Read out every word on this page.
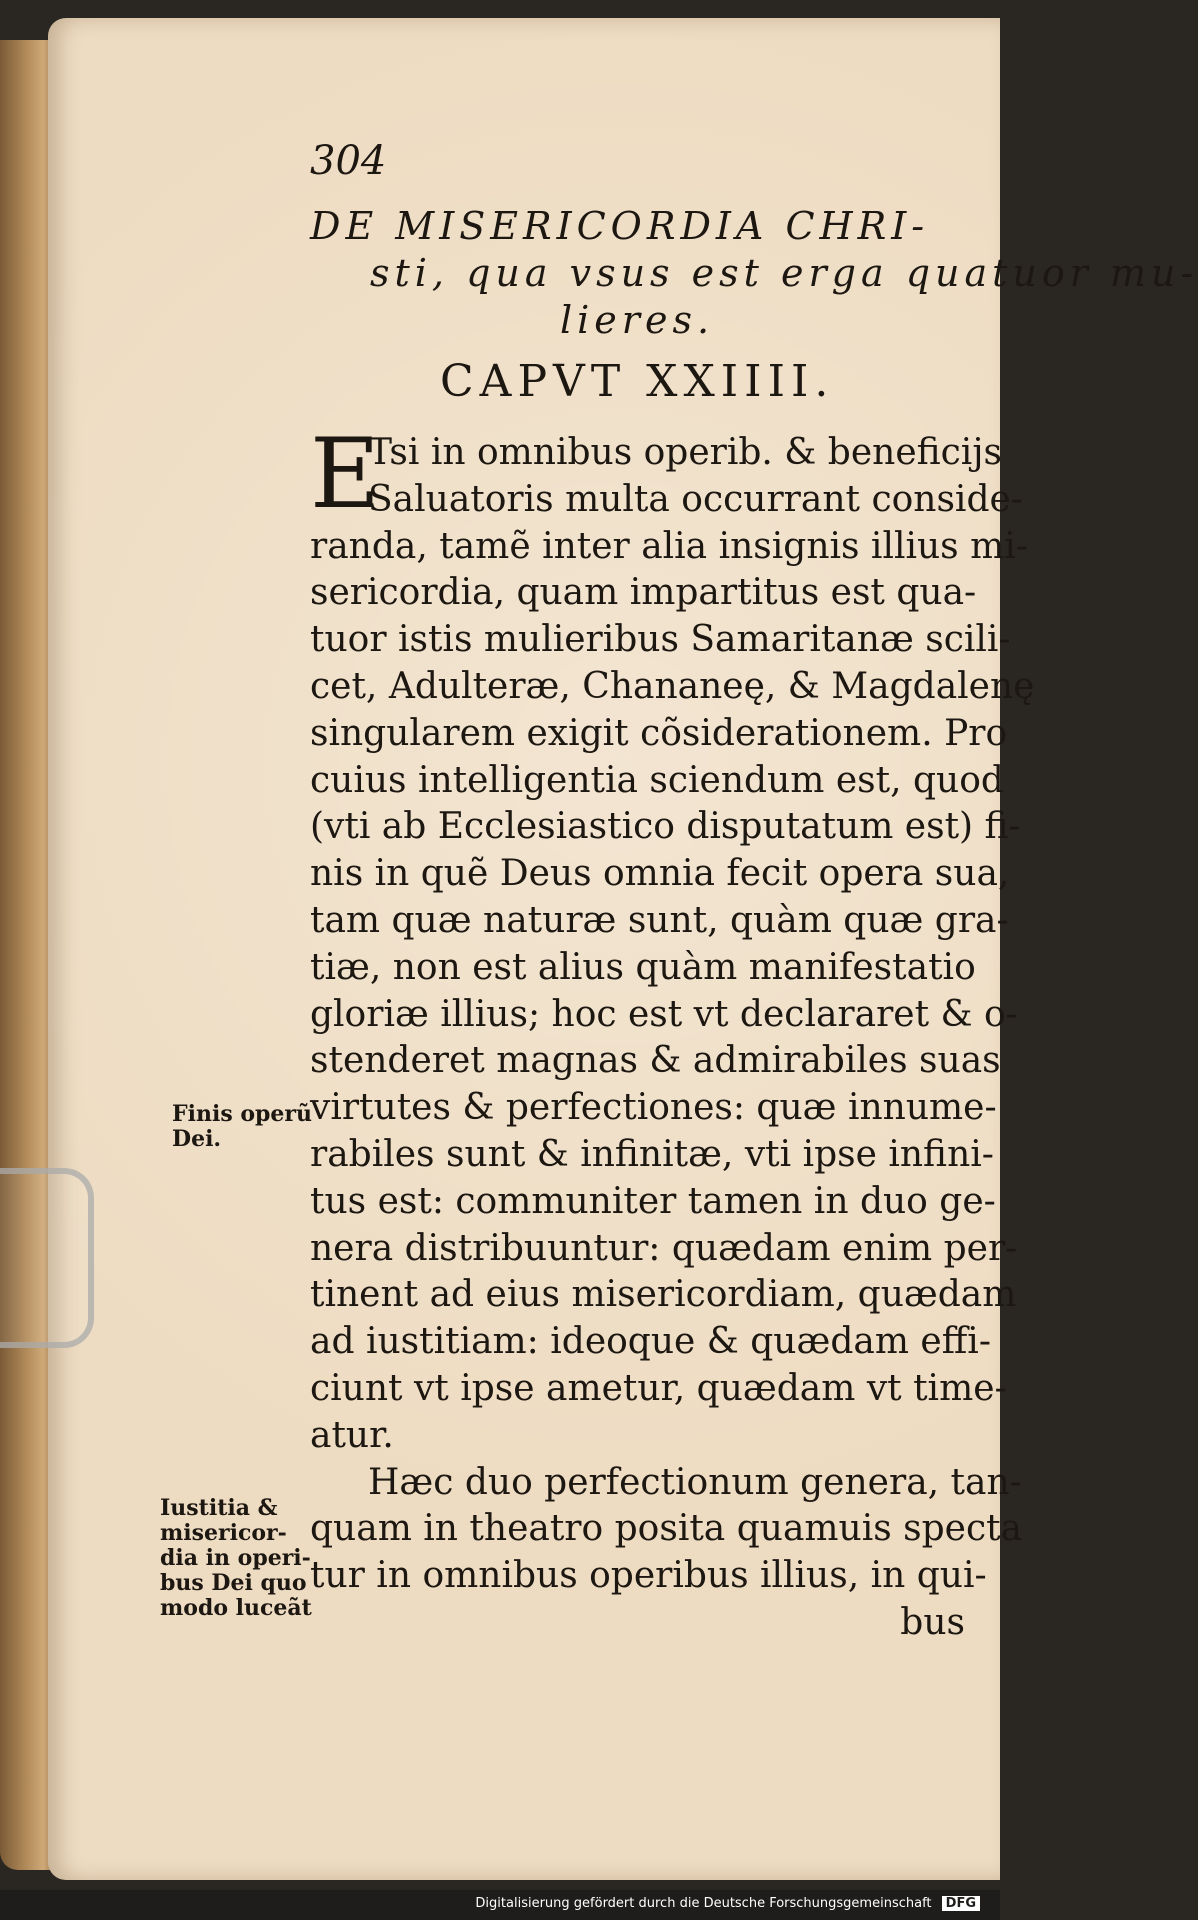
304
DE MISERICORDIA CHRI-
sti, qua vsus est erga quatuor mu-
lieres.
CAPVT XXIIII.
E
Tsi in omnibus operib. & beneficijs
Saluatoris multa occurrant conside-
randa, tamẽ inter alia insignis illius mi-
sericordia, quam impartitus est qua-
tuor istis mulieribus Samaritanæ scili-
cet, Adulteræ, Chananeę, & Magdalenę
singularem exigit cõsiderationem. Pro
cuius intelligentia sciendum est, quod
(vti ab Ecclesiastico disputatum est) fi-
nis in quẽ Deus omnia fecit opera sua,
tam quæ naturæ sunt, quàm quæ gra-
tiæ, non est alius quàm manifestatio
gloriæ illius; hoc est vt declararet & o-
stenderet magnas & admirabiles suas
virtutes & perfectiones: quæ innume-
rabiles sunt & infinitæ, vti ipse infini-
tus est: communiter tamen in duo ge-
nera distribuuntur: quædam enim per-
tinent ad eius misericordiam, quædam
ad iustitiam: ideoque & quædam effi-
ciunt vt ipse ametur, quædam vt time-
atur.
Hæc duo perfectionum genera, tan-
quam in theatro posita quamuis specta
tur in omnibus operibus illius, in qui-
bus
Finis operũ
Dei.
Iustitia &
misericor-
dia in operi-
bus Dei quo
modo luceãt
Digitalisierung gefördert durch die Deutsche Forschungsgemeinschaft DFG
